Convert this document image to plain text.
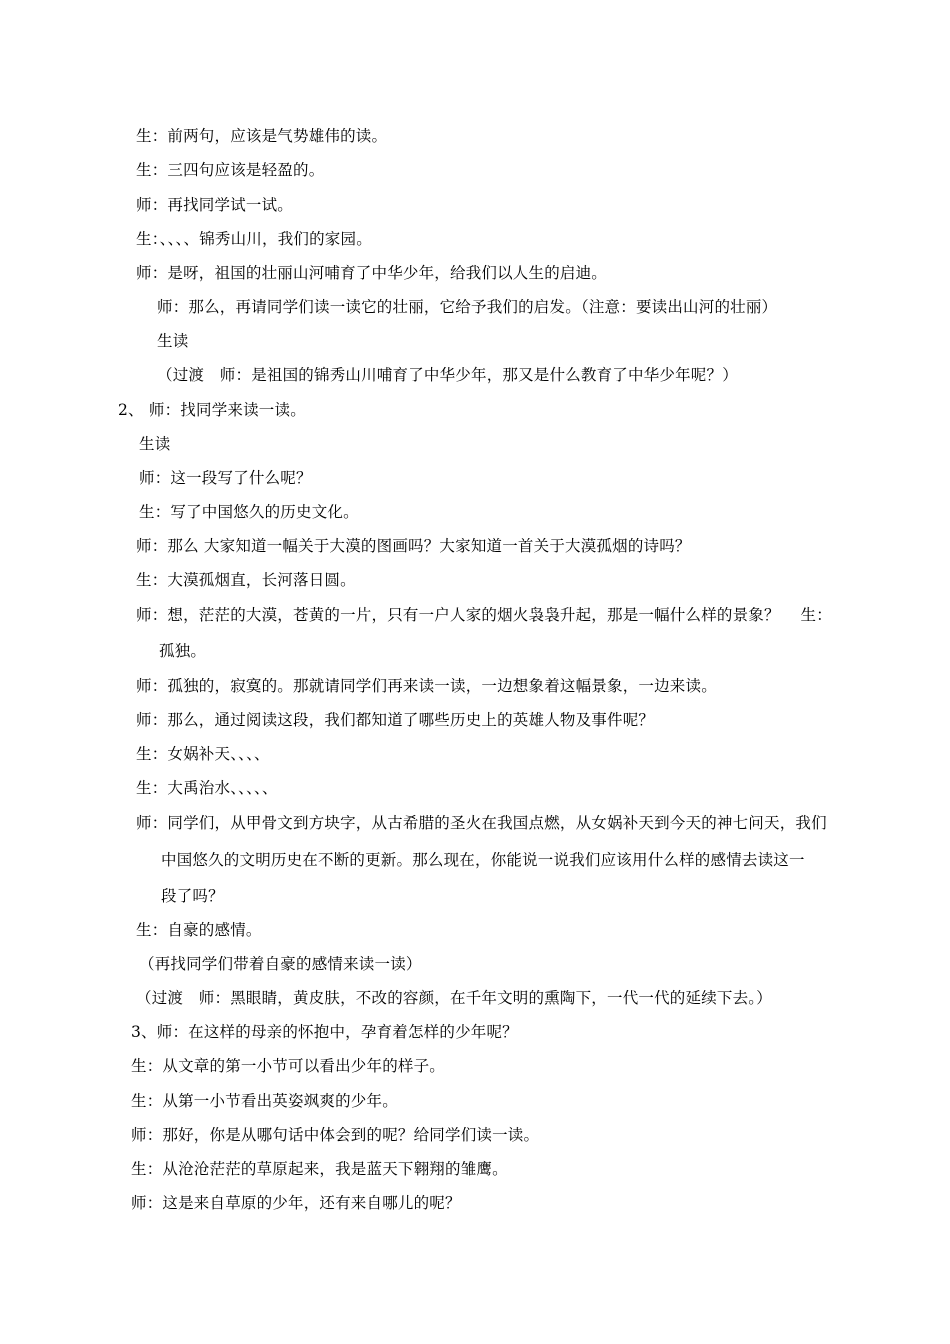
生：前两句，应该是气势雄伟的读。
生：三四句应该是轻盈的。
师：再找同学试一试。
生：、、、、锦秀山川，我们的家园。
师：是呀，祖国的壮丽山河哺育了中华少年，给我们以人生的启迪。
师：那么，再请同学们读一读它的壮丽，它给予我们的启发。（注意：要读出山河的壮丽）
生读
（过渡　师：是祖国的锦秀山川哺育了中华少年，那又是什么教育了中华少年呢？）
2、 师：找同学来读一读。
生读
师：这一段写了什么呢？
生：写了中国悠久的历史文化。
师：那么 大家知道一幅关于大漠的图画吗？大家知道一首关于大漠孤烟的诗吗？
生：大漠孤烟直，长河落日圆。
师：想，茫茫的大漠，苍黄的一片，只有一户人家的烟火袅袅升起，那是一幅什么样的景象？　 生：
孤独。
师：孤独的，寂寞的。那就请同学们再来读一读，一边想象着这幅景象，一边来读。
师：那么，通过阅读这段，我们都知道了哪些历史上的英雄人物及事件呢？
生：女娲补天、、、、
生：大禹治水、、、、、
师：同学们，从甲骨文到方块字，从古希腊的圣火在我国点燃，从女娲补天到今天的神七问天，我们
中国悠久的文明历史在不断的更新。那么现在，你能说一说我们应该用什么样的感情去读这一
段了吗？
生：自豪的感情。
（再找同学们带着自豪的感情来读一读）
（过渡　师：黑眼睛，黄皮肤，不改的容颜，在千年文明的熏陶下，一代一代的延续下去。）
3、师：在这样的母亲的怀抱中，孕育着怎样的少年呢？
生：从文章的第一小节可以看出少年的样子。
生：从第一小节看出英姿飒爽的少年。
师：那好，你是从哪句话中体会到的呢？给同学们读一读。
生：从沧沧茫茫的草原起来，我是蓝天下翱翔的雏鹰。
师：这是来自草原的少年，还有来自哪儿的呢？
